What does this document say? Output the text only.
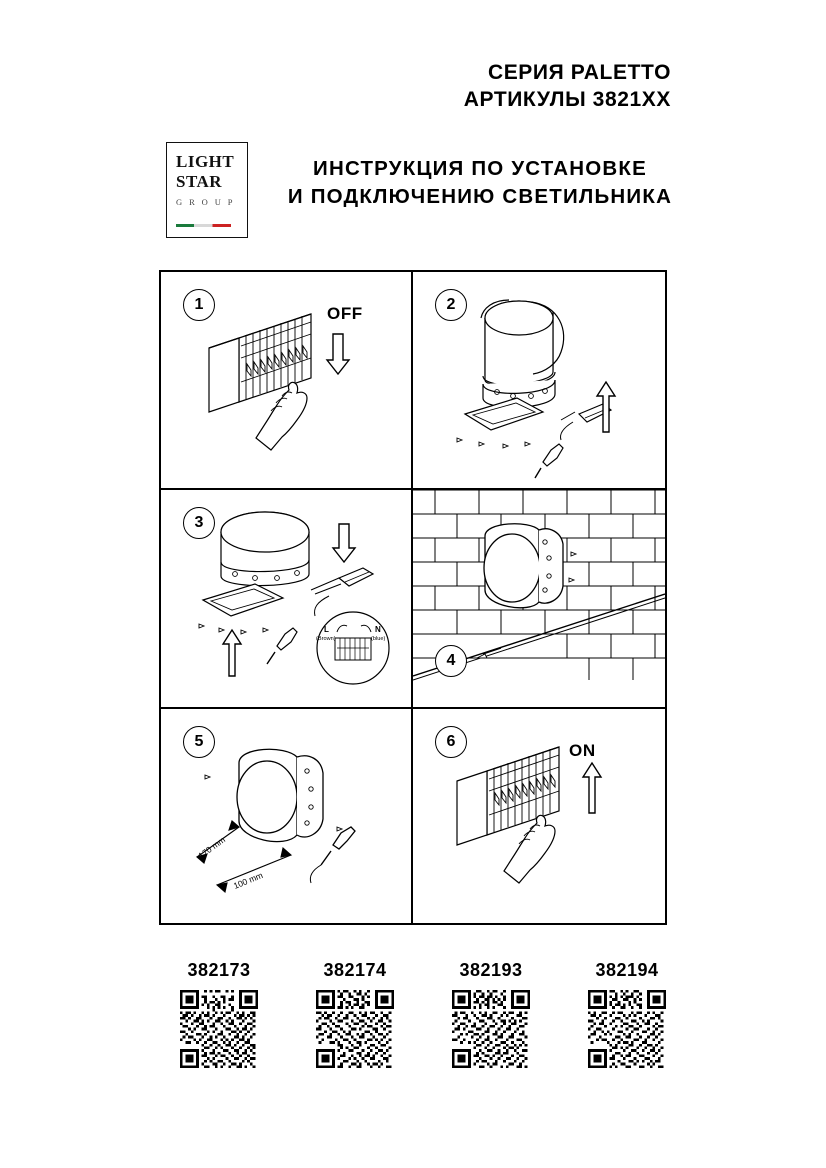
СЕРИЯ PALETTO
АРТИКУЛЫ 3821XX
LIGHT
STAR
G R O U P
ИНСТРУКЦИЯ ПО УСТАНОВКЕ
И ПОДКЛЮЧЕНИЮ СВЕТИЛЬНИКА
1	OFF	2
3
L
(Brown)
N
(blue)
4
5
170 mm
100 mm
6	ON
382173	382174	382193	382194
